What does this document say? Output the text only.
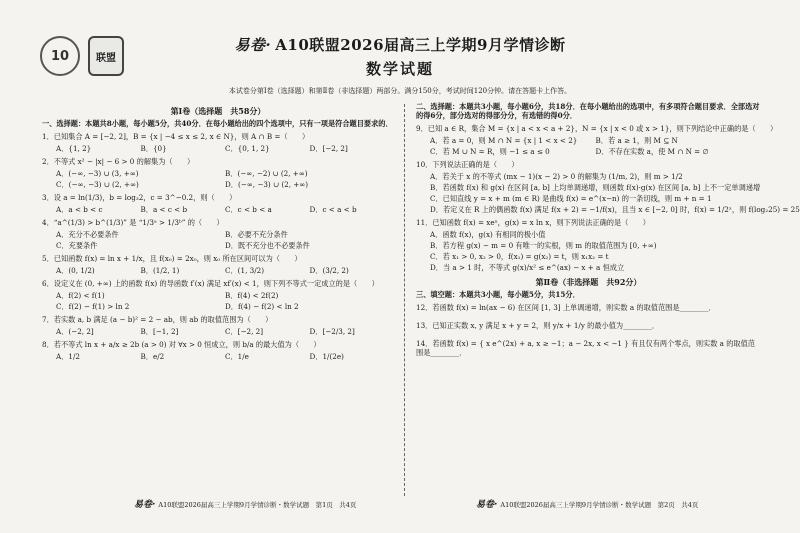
10	联盟
易卷· A10联盟2026届高三上学期9月学情诊断
数学试题
本试卷分第Ⅰ卷（选择题）和第Ⅱ卷（非选择题）两部分。满分150分，考试时间120分钟。请在答题卡上作答。
第Ⅰ卷（选择题　共58分）
一、选择题：本题共8小题，每小题5分，共40分．在每小题给出的四个选项中，只有一项是符合题目要求的．
1．已知集合 A = [−2, 2]，B = {x | −4 ≤ x ≤ 2, x ∈ N}，则 A ∩ B =（　　）
A．{1, 2}	B．{0}	C．{0, 1, 2}	D．[−2, 2]
2．不等式 x² − |x| − 6 > 0 的解集为（　　）
A．(−∞, −3) ∪ (3, +∞)	B．(−∞, −2) ∪ (2, +∞)
C．(−∞, −3) ∪ (2, +∞)	D．(−∞, −3) ∪ (2, +∞)
3．设 a = ln(1/3)，b = log₃2，c = 3^−0.2，则（　　）
A．a < b < c	B．a < c < b	C．c < b < a	D．c < a < b
4．“a^(1/3) > b^(1/3)” 是 “1/3ᵃ > 1/3ᵇ” 的（　　）
A．充分不必要条件	B．必要不充分条件
C．充要条件	D．既不充分也不必要条件
5．已知函数 f(x) = ln x + 1/x，且 f(x₀) = 2x₀，则 x₀ 所在区间可以为（　　）
A．(0, 1/2)	B．(1/2, 1)	C．(1, 3/2)	D．(3/2, 2)
6．设定义在 (0, +∞) 上的函数 f(x) 的导函数 f′(x) 满足 xf′(x) < 1，则下列不等式一定成立的是（　　）
A．f(2) < f(1)	B．f(4) < 2f(2)
C．f(2) − f(1) > ln 2	D．f(4) − f(2) < ln 2
7．若实数 a, b 满足 (a − b)² = 2 − ab，则 ab 的取值范围为（　　）
A．(−2, 2]	B．[−1, 2]	C．[−2, 2]	D．[−2/3, 2]
8．若不等式 ln x + a/x ≥ 2b (a > 0) 对 ∀x > 0 恒成立，则 b/a 的最大值为（　　）
A．1/2	B．e/2	C．1/e	D．1/(2e)
二、选择题：本题共3小题，每小题6分，共18分．在每小题给出的选项中，有多项符合题目要求．全部选对的得6分，部分选对的得部分分，有选错的得0分．
9．已知 a ∈ R，集合 M = {x | a < x < a + 2}，N = {x | x < 0 或 x > 1}，则下列结论中正确的是（　　）
A．若 a = 0，则 M ∩ N = {x | 1 < x < 2}	B．若 a ≥ 1，则 M ⊆ N
C．若 M ∪ N = R，则 −1 ≤ a ≤ 0	D．不存在实数 a，使 M ∩ N = ∅
10．下列说法正确的是（　　）
A．若关于 x 的不等式 (mx − 1)(x − 2) > 0 的解集为 (1/m, 2)，则 m > 1/2
B．若函数 f(x) 和 g(x) 在区间 [a, b] 上均单调递增，则函数 f(x)·g(x) 在区间 [a, b] 上不一定单调递增
C．已知直线 y = x + m (m ∈ R) 是曲线 f(x) = e^(x−n) 的一条切线，则 m + n = 1
D．若定义在 R 上的偶函数 f(x) 满足 f(x + 2) = −1/f(x)，且当 x ∈ [−2, 0] 时，f(x) = 1/2ˣ，则 f(log₂25) = 25
11．已知函数 f(x) = xeˣ，g(x) = x ln x，则下列说法正确的是（　　）
A．函数 f(x)，g(x) 有相同的极小值
B．若方程 g(x) − m = 0 有唯一的实根，则 m 的取值范围为 [0, +∞)
C．若 x₁ > 0, x₂ > 0，f(x₁) = g(x₂) = t，则 x₁x₂ = t
D．当 a > 1 时，不等式 g(x)/x² ≤ e^(ax) − x + a 恒成立
第Ⅱ卷（非选择题　共92分）
三、填空题：本题共3小题，每小题5分，共15分．
12．若函数 f(x) = ln(ax − 6) 在区间 [1, 3] 上单调递增，则实数 a 的取值范围是________．
13．已知正实数 x, y 满足 x + y = 2，则 y/x + 1/y 的最小值为________．
14．若函数 f(x) = { x e^(2x) + a, x ≥ −1；a − 2x, x < −1 } 有且仅有两个零点，则实数 a 的取值范围是________．
易卷· A10联盟2026届高三上学期9月学情诊断・数学试题　第1页　共4页	易卷· A10联盟2026届高三上学期9月学情诊断・数学试题　第2页　共4页
